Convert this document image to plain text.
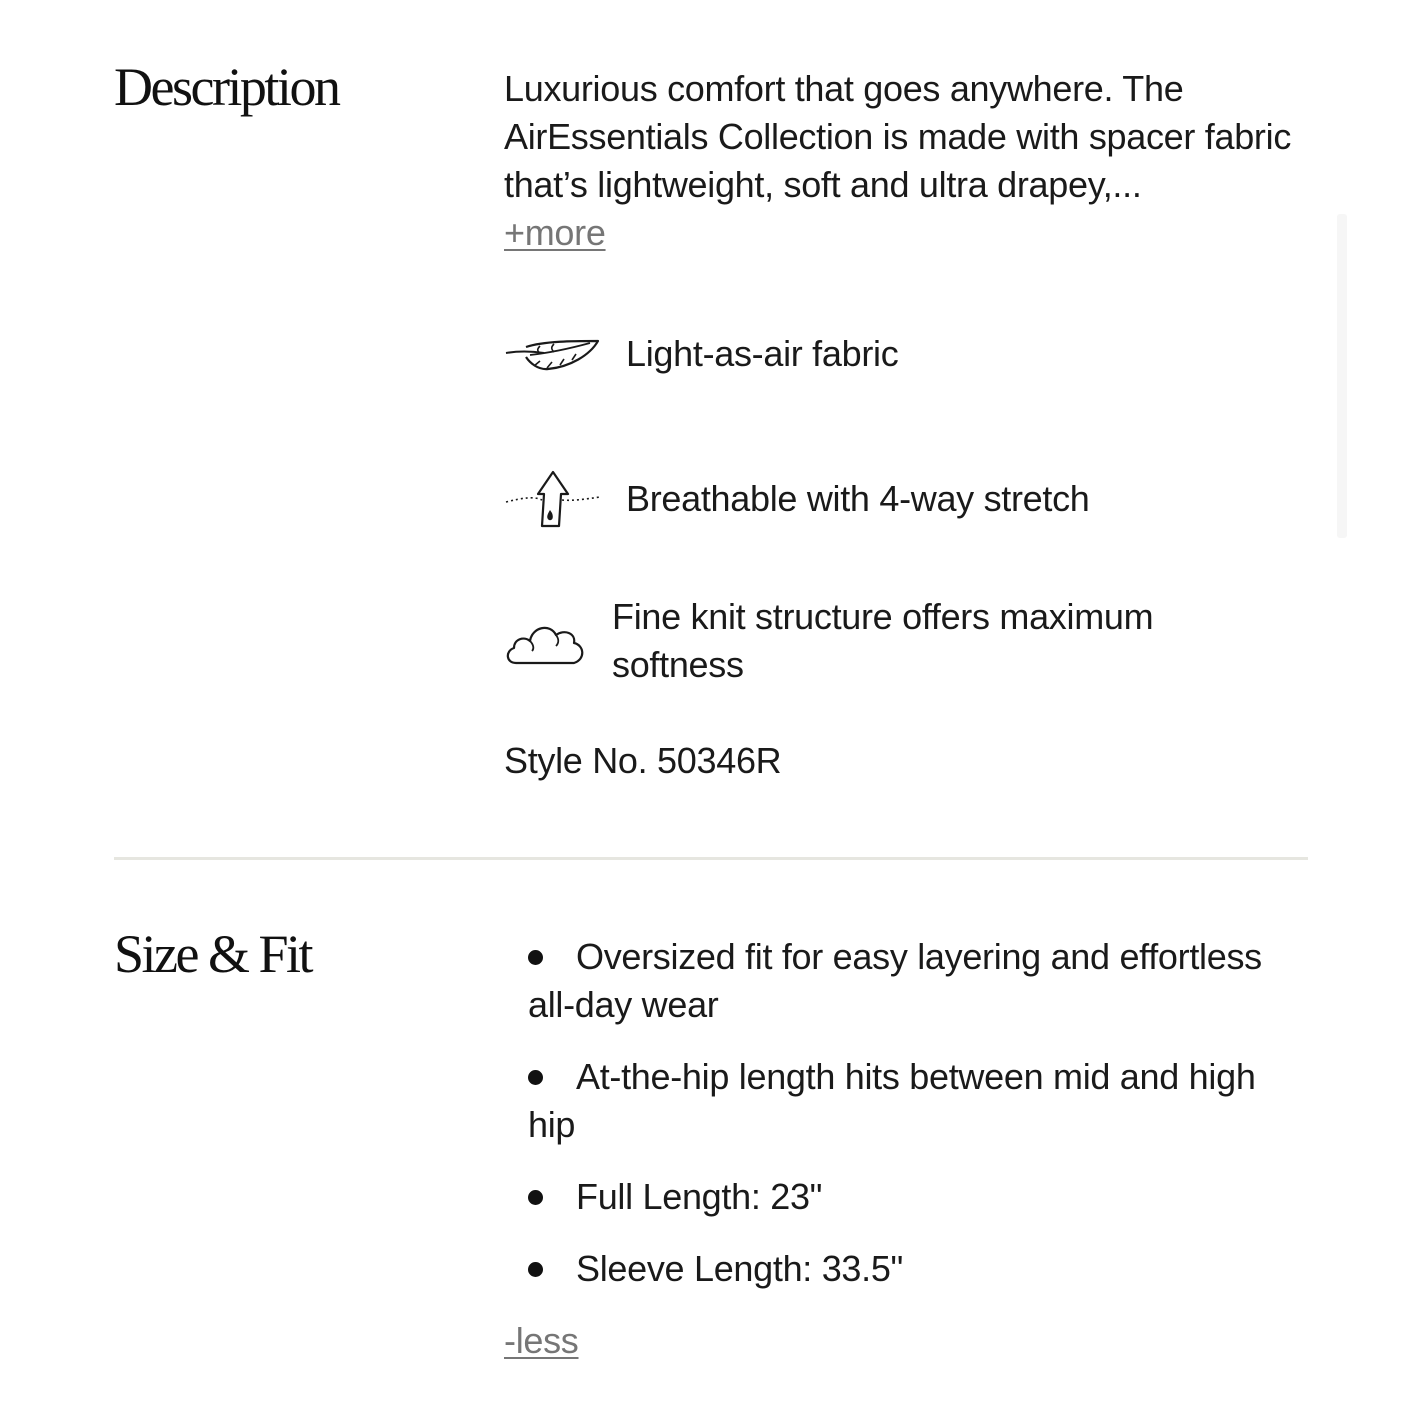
Description	Luxurious comfort that goes anywhere. The AirEssentials Collection is made with spacer fabric that’s lightweight, soft and ultra drapey,...

+more
Light-as-air fabric
Breathable with 4-way stretch
Fine knit structure offers maximum softness
Style No. 50346R
Size & Fit	Oversized fit for easy layering and effortless all-day wear
At-the-hip length hits between mid and high hip
Full Length: 23"
Sleeve Length: 33.5"
-less
